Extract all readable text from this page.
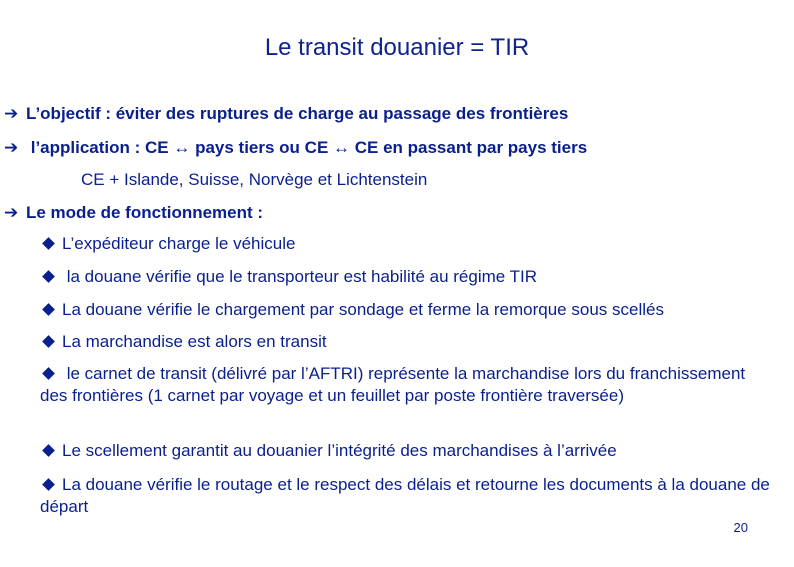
Le transit douanier = TIR
➔ L’objectif : éviter des ruptures de charge au passage des frontières
➔ l’application : CE ↔ pays tiers ou CE ↔ CE en passant par pays tiers
CE + Islande, Suisse, Norvège et Lichtenstein
➔ Le mode de fonctionnement :
L’expéditeur charge le véhicule
la douane vérifie que le transporteur est habilité au régime TIR
La douane vérifie le chargement par sondage et ferme la remorque sous scellés
La marchandise est alors en transit
le carnet de transit (délivré par l’AFTRI) représente la marchandise lors du franchissement des frontières (1 carnet par voyage et un feuillet par poste frontière traversée)
Le scellement garantit au douanier l’intégrité des marchandises à l’arrivée
La douane vérifie le routage et le respect des délais et retourne les documents à la douane de départ
20
